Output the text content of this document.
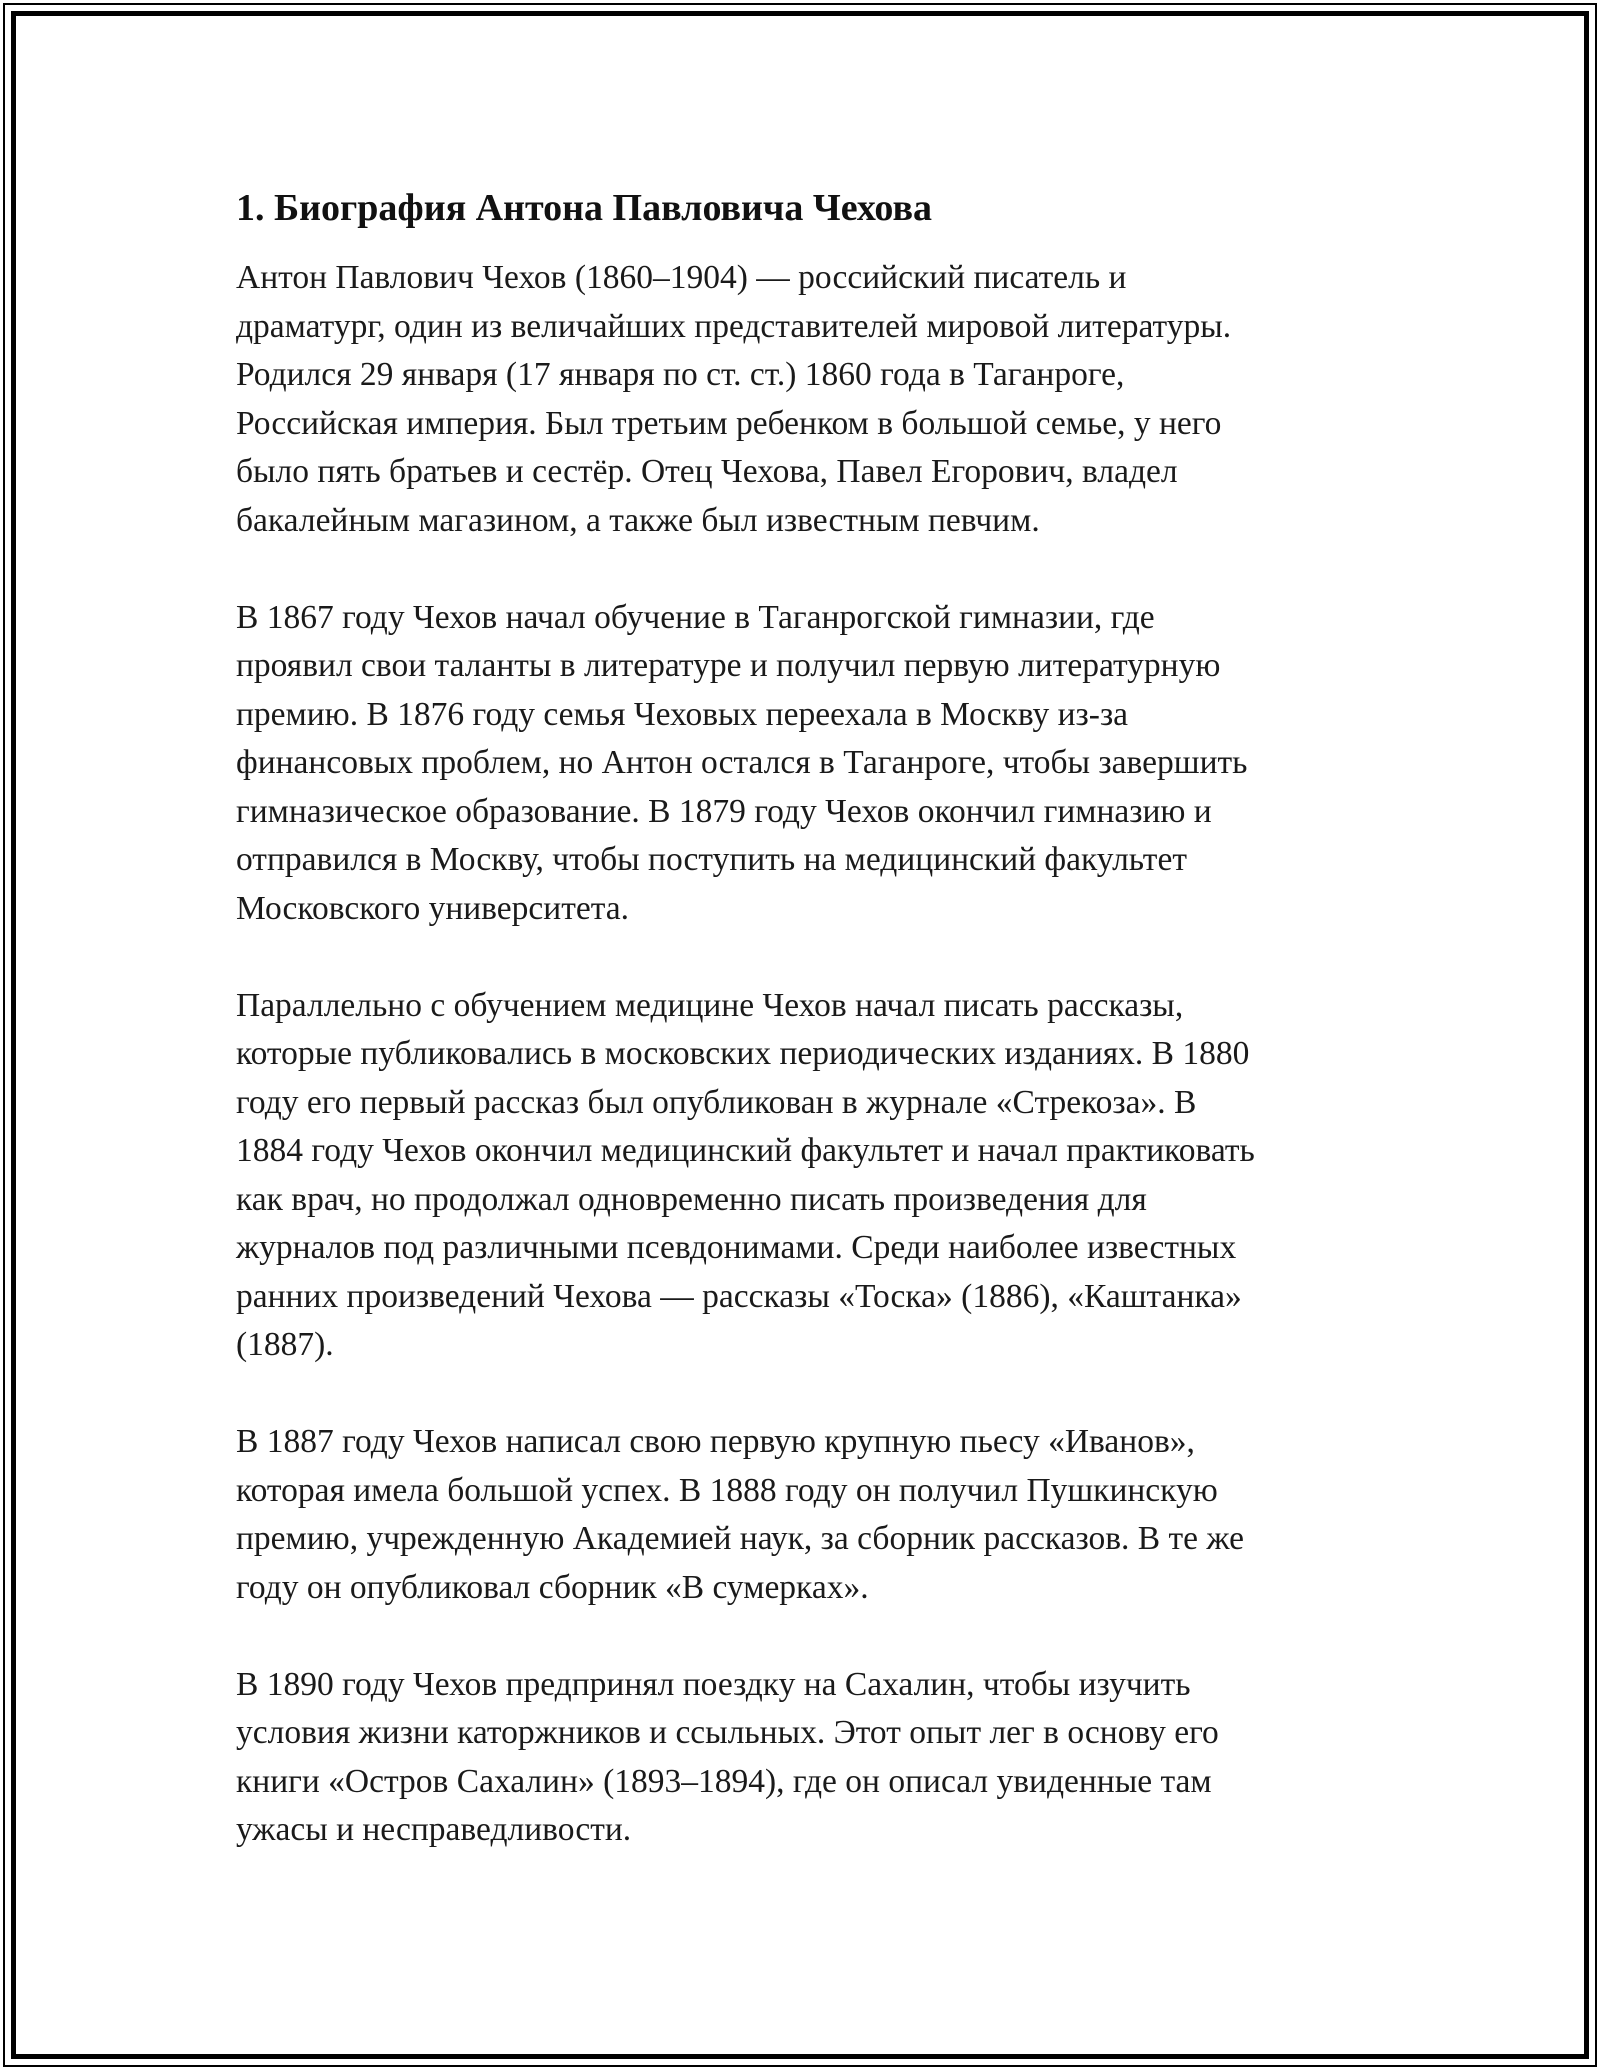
1. Биография Антона Павловича Чехова
Антон Павлович Чехов (1860–1904) — российский писатель и
драматург, один из величайших представителей мировой литературы.
Родился 29 января (17 января по ст. ст.) 1860 года в Таганроге,
Российская империя. Был третьим ребенком в большой семье, у него
было пять братьев и сестёр. Отец Чехова, Павел Егорович, владел
бакалейным магазином, а также был известным певчим.
В 1867 году Чехов начал обучение в Таганрогской гимназии, где
проявил свои таланты в литературе и получил первую литературную
премию. В 1876 году семья Чеховых переехала в Москву из-за
финансовых проблем, но Антон остался в Таганроге, чтобы завершить
гимназическое образование. В 1879 году Чехов окончил гимназию и
отправился в Москву, чтобы поступить на медицинский факультет
Московского университета.
Параллельно с обучением медицине Чехов начал писать рассказы,
которые публиковались в московских периодических изданиях. В 1880
году его первый рассказ был опубликован в журнале «Стрекоза». В
1884 году Чехов окончил медицинский факультет и начал практиковать
как врач, но продолжал одновременно писать произведения для
журналов под различными псевдонимами. Среди наиболее известных
ранних произведений Чехова — рассказы «Тоска» (1886), «Каштанка»
(1887).
В 1887 году Чехов написал свою первую крупную пьесу «Иванов»,
которая имела большой успех. В 1888 году он получил Пушкинскую
премию, учрежденную Академией наук, за сборник рассказов. В те же
году он опубликовал сборник «В сумерках».
В 1890 году Чехов предпринял поездку на Сахалин, чтобы изучить
условия жизни каторжников и ссыльных. Этот опыт лег в основу его
книги «Остров Сахалин» (1893–1894), где он описал увиденные там
ужасы и несправедливости.
